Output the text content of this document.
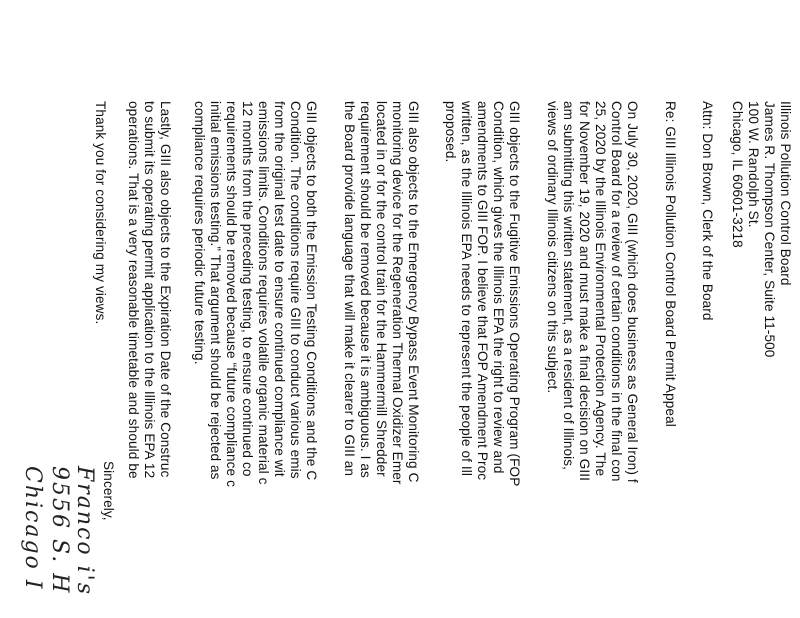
Illinois Pollution Control Board
James R. Thompson Center, Suite 11-500
100 W. Randolph St.
Chicago, IL 60601-3218
Attn: Don Brown, Clerk of the Board
Re: GIII Illinois Pollution Control Board Permit Appeal
On July 30, 2020, GIII (which does business as General Iron) f
Control Board for a review of certain conditions in the final con
25, 2020 by the Illinois Environmental Protection Agency. The
for November 19, 2020 and must make a final decision on GIII
am submitting this written statement, as a resident of Illinois,
views of ordinary Illinois citizens on this subject.
GIII objects to the Fugitive Emissions Operating Program (FOP
Condition, which gives the Illinois EPA the right to review and
amendments to GIII FOP. I believe that FOP Amendment Proc
written, as the Illinois EPA needs to represent the people of Ill
proposed.
GIII also objects to the Emergency Bypass Event Monitoring C
monitoring device for the Regeneration Thermal Oxidizer Emer
located in or for the control train for the Hammermill Shredder
requirement should be removed because it is ambiguous. I as
the Board provide language that will make it clearer to GIII an
GIII objects to both the Emission Testing Conditions and the C
Condition. The conditions require GIII to conduct various emis
from the original test date to ensure continued compliance wit
emissions limits. Conditions requires volatile organic material c
12 months from the preceding testing, to ensure continued co
requirements should be removed because “future compliance c
initial emissions testing.” That argument should be rejected as
compliance requires periodic future testing.
Lastly, GIII also objects to the Expiration Date of the Construc
to submit its operating permit application to the Illinois EPA 12
operations. That is a very reasonable timetable and should be
Thank you for considering my views.
Sincerely,
Franco i's
9556 S. H
Chicago I
